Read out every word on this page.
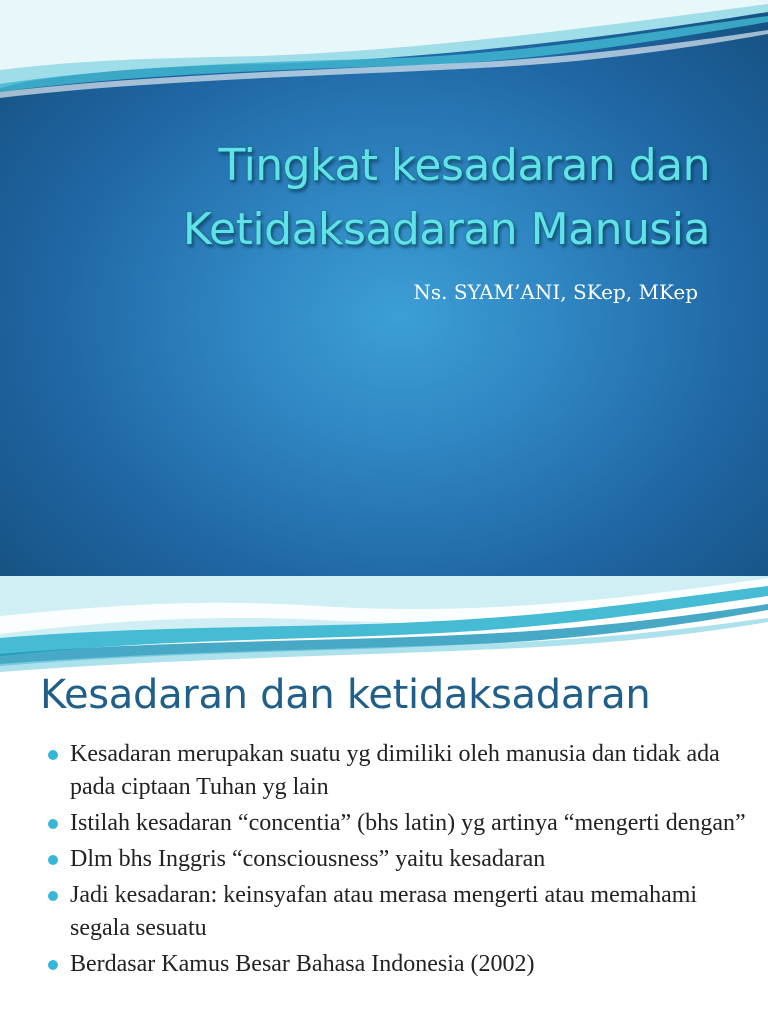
Tingkat kesadaran dan
Ketidaksadaran Manusia
Ns. SYAM’ANI, SKep, MKep
Kesadaran dan ketidaksadaran
Kesadaran merupakan suatu yg dimiliki oleh manusia dan tidak ada pada ciptaan Tuhan yg lain
Istilah kesadaran “concentia” (bhs latin) yg artinya “mengerti dengan”
Dlm bhs Inggris “consciousness” yaitu kesadaran
Jadi kesadaran: keinsyafan atau merasa mengerti atau memahami segala sesuatu
Berdasar Kamus Besar Bahasa Indonesia (2002)
